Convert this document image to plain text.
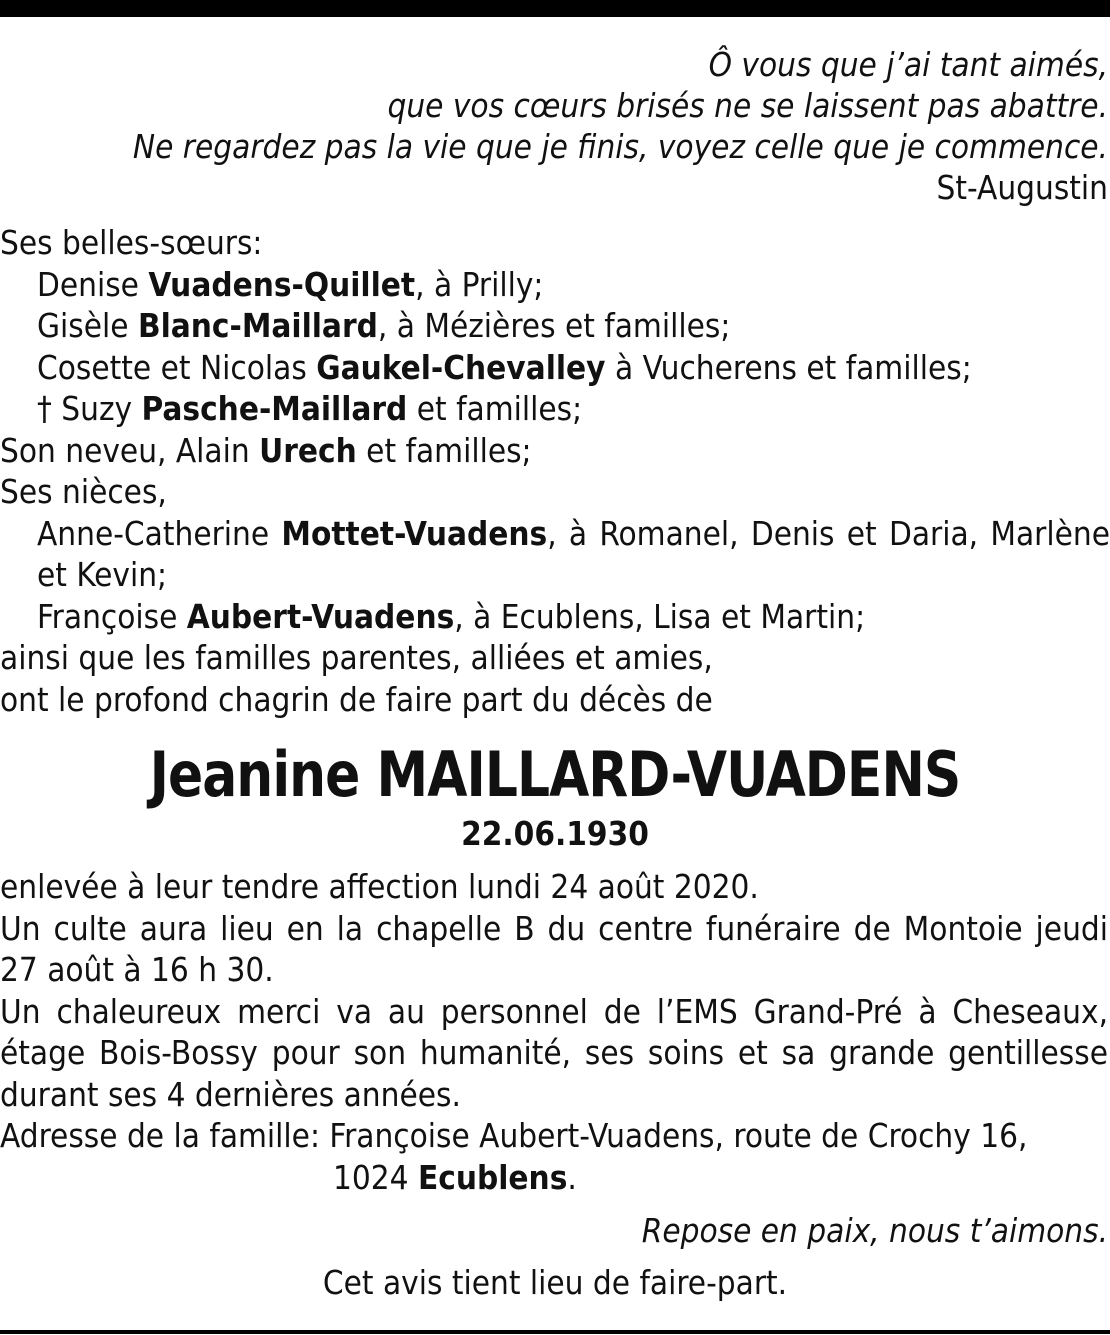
Ô vous que j’ai tant aimés,
que vos cœurs brisés ne se laissent pas abattre.
Ne regardez pas la vie que je finis, voyez celle que je commence.
St-Augustin
Ses belles-sœurs:
Denise Vuadens-Quillet, à Prilly;
Gisèle Blanc-Maillard, à Mézières et familles;
Cosette et Nicolas Gaukel-Chevalley à Vucherens et familles;
† Suzy Pasche-Maillard et familles;
Son neveu, Alain Urech et familles;
Ses nièces,
Anne-Catherine Mottet-Vuadens, à Romanel, Denis et Daria, Marlène et Kevin;
Françoise Aubert-Vuadens, à Ecublens, Lisa et Martin;
ainsi que les familles parentes, alliées et amies,
ont le profond chagrin de faire part du décès de
Jeanine MAILLARD-VUADENS
22.06.1930
enlevée à leur tendre affection lundi 24 août 2020.
Un culte aura lieu en la chapelle B du centre funéraire de Montoie jeudi 27 août à 16 h 30.
Un chaleureux merci va au personnel de l’EMS Grand-Pré à Cheseaux, étage Bois-Bossy pour son humanité, ses soins et sa grande gentillesse durant ses 4 dernières années.
Adresse de la famille: Françoise Aubert-Vuadens, route de Crochy 16,
1024 Ecublens.
Repose en paix, nous t’aimons.
Cet avis tient lieu de faire-part.
